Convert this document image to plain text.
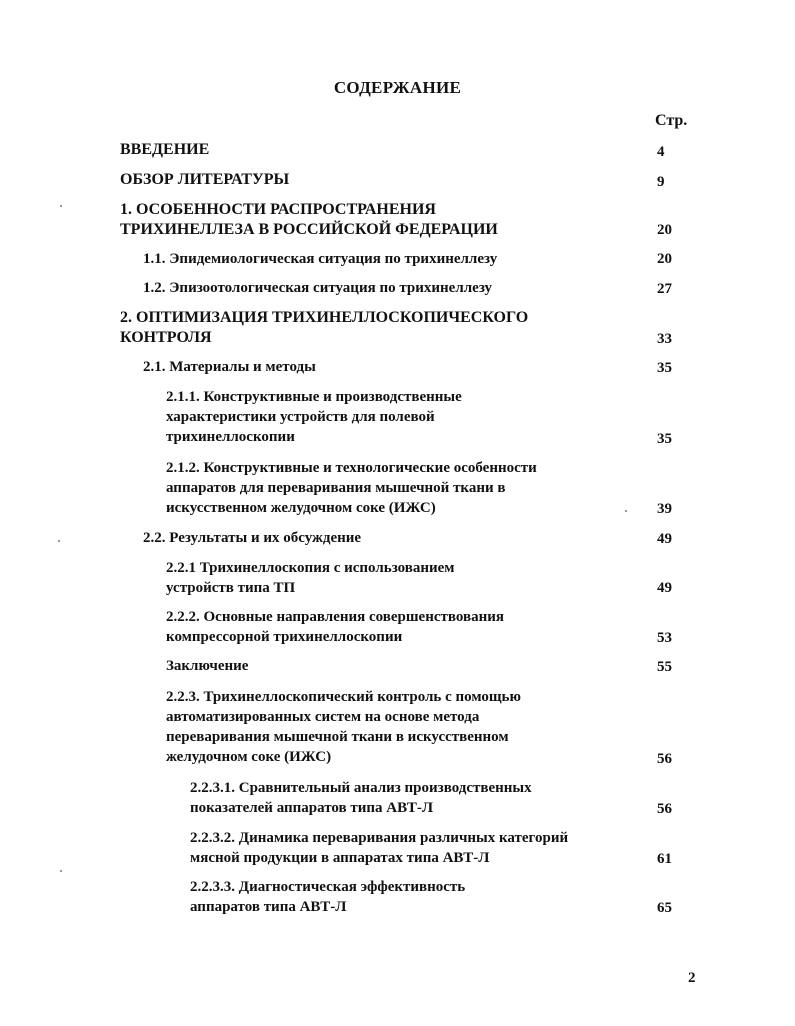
СОДЕРЖАНИЕ
Стр.
ВВЕДЕНИЕ	4
ОБЗОР ЛИТЕРАТУРЫ	9
1. ОСОБЕННОСТИ РАСПРОСТРАНЕНИЯ
ТРИХИНЕЛЛЕЗА В РОССИЙСКОЙ ФЕДЕРАЦИИ	20
1.1. Эпидемиологическая ситуация по трихинеллезу	20
1.2. Эпизоотологическая ситуация по трихинеллезу	27
2. ОПТИМИЗАЦИЯ ТРИХИНЕЛЛОСКОПИЧЕСКОГО
КОНТРОЛЯ	33
2.1. Материалы и методы	35
2.1.1. Конструктивные и производственные
характеристики устройств для полевой
трихинеллоскопии	35
2.1.2. Конструктивные и технологические особенности
аппаратов для переваривания мышечной ткани в
искусственном желудочном соке (ИЖС)	39
2.2. Результаты и их обсуждение	49
2.2.1 Трихинеллоскопия с использованием
устройств типа ТП	49
2.2.2. Основные направления совершенствования
компрессорной трихинеллоскопии	53
Заключение	55
2.2.3. Трихинеллоскопический контроль с помощью
автоматизированных систем на основе метода
переваривания мышечной ткани в искусственном
желудочном соке (ИЖС)	56
2.2.3.1. Сравнительный анализ производственных
показателей аппаратов типа АВТ-Л	56
2.2.3.2. Динамика переваривания различных категорий
мясной продукции в аппаратах типа АВТ-Л	61
2.2.3.3. Диагностическая эффективность
аппаратов типа АВТ-Л	65
2
